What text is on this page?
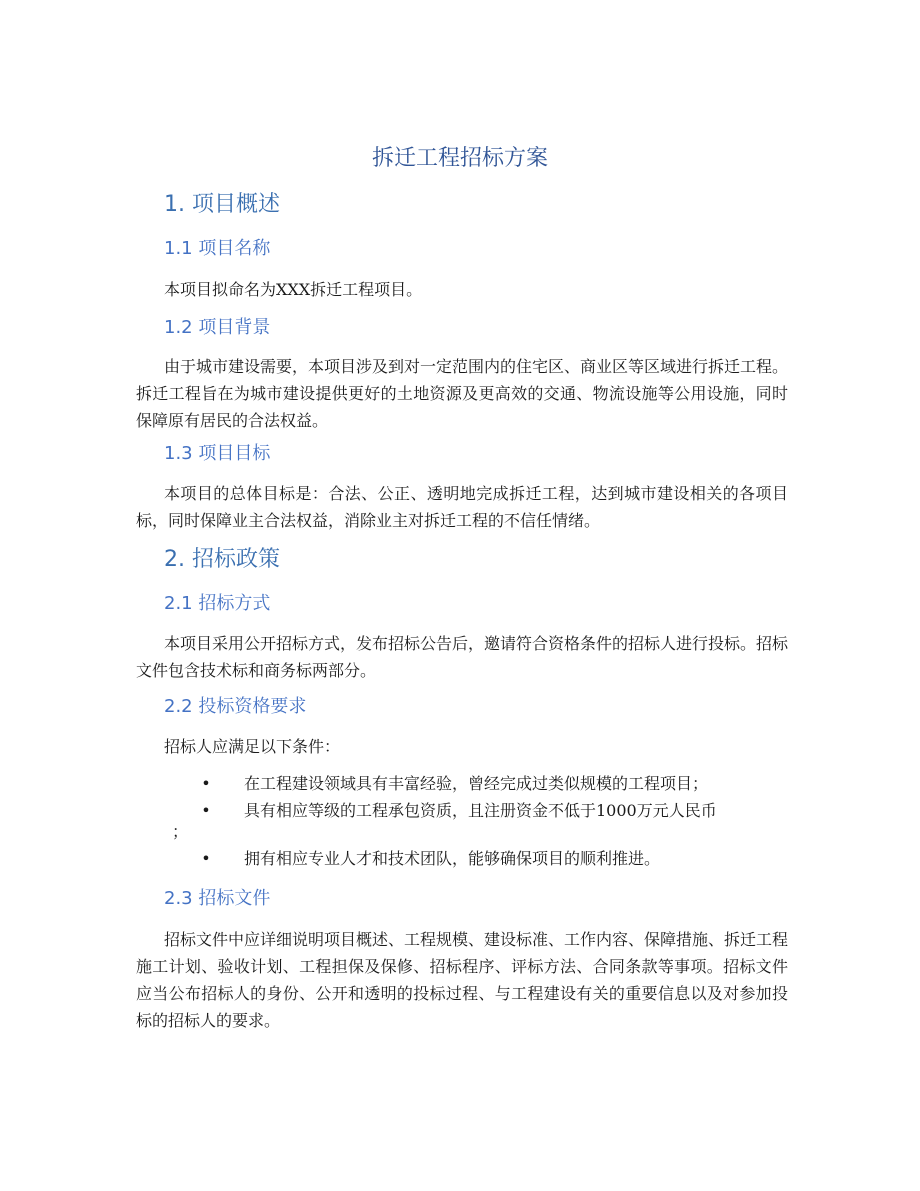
拆迁工程招标方案
1. 项目概述
1.1 项目名称
本项目拟命名为XXX拆迁工程项目。
1.2 项目背景
由于城市建设需要，本项目涉及到对一定范围内的住宅区、商业区等区域进行拆迁工程。拆迁工程旨在为城市建设提供更好的土地资源及更高效的交通、物流设施等公用设施，同时保障原有居民的合法权益。
1.3 项目目标
本项目的总体目标是：合法、公正、透明地完成拆迁工程，达到城市建设相关的各项目标，同时保障业主合法权益，消除业主对拆迁工程的不信任情绪。
2. 招标政策
2.1 招标方式
本项目采用公开招标方式，发布招标公告后，邀请符合资格条件的招标人进行投标。招标文件包含技术标和商务标两部分。
2.2 投标资格要求
招标人应满足以下条件：
• 在工程建设领域具有丰富经验，曾经完成过类似规模的工程项目；
• 具有相应等级的工程承包资质，且注册资金不低于1000万元人民币
；
• 拥有相应专业人才和技术团队，能够确保项目的顺利推进。
2.3 招标文件
招标文件中应详细说明项目概述、工程规模、建设标准、工作内容、保障措施、拆迁工程施工计划、验收计划、工程担保及保修、招标程序、评标方法、合同条款等事项。招标文件应当公布招标人的身份、公开和透明的投标过程、与工程建设有关的重要信息以及对参加投标的招标人的要求。
